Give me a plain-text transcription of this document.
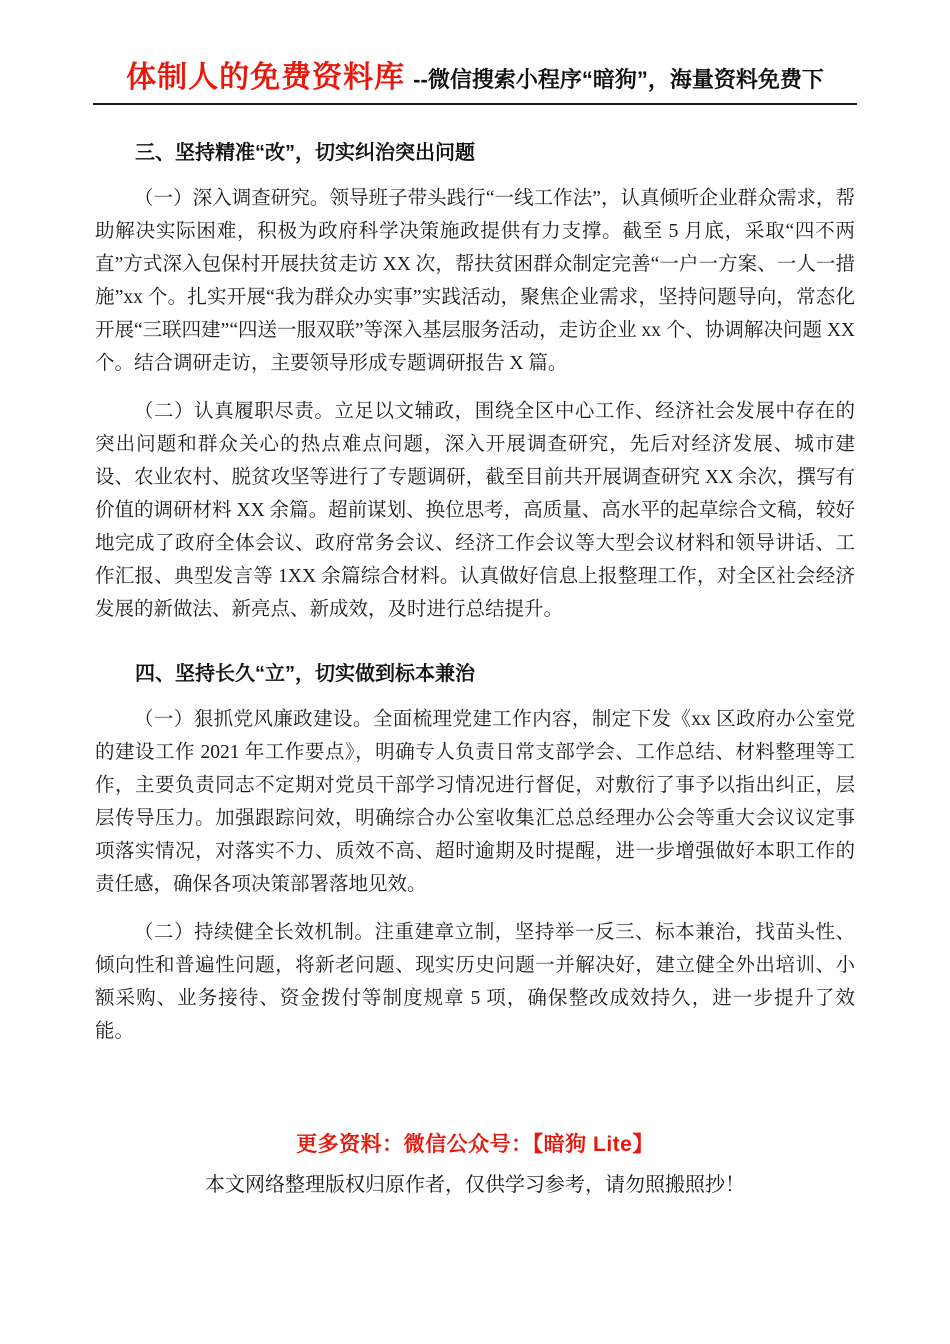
体制人的免费资料库 --微信搜索小程序“暗狗”，海量资料免费下
三、坚持精准“改”，切实纠治突出问题

（一）深入调查研究。领导班子带头践行“一线工作法”，认真倾听企业群众需求，帮助解决实际困难，积极为政府科学决策施政提供有力支撑。截至 5 月底，采取“四不两直”方式深入包保村开展扶贫走访 XX 次，帮扶贫困群众制定完善“一户一方案、一人一措施”xx 个。扎实开展“我为群众办实事”实践活动，聚焦企业需求，坚持问题导向，常态化开展“三联四建”“四送一服双联”等深入基层服务活动，走访企业 xx 个、协调解决问题 XX 个。结合调研走访，主要领导形成专题调研报告 X 篇。

（二）认真履职尽责。立足以文辅政，围绕全区中心工作、经济社会发展中存在的突出问题和群众关心的热点难点问题，深入开展调查研究，先后对经济发展、城市建设、农业农村、脱贫攻坚等进行了专题调研，截至目前共开展调查研究 XX 余次，撰写有价值的调研材料 XX 余篇。超前谋划、换位思考，高质量、高水平的起草综合文稿，较好地完成了政府全体会议、政府常务会议、经济工作会议等大型会议材料和领导讲话、工作汇报、典型发言等 1XX 余篇综合材料。认真做好信息上报整理工作，对全区社会经济发展的新做法、新亮点、新成效，及时进行总结提升。

四、坚持长久“立”，切实做到标本兼治

（一）狠抓党风廉政建设。全面梳理党建工作内容，制定下发《xx 区政府办公室党的建设工作 2021 年工作要点》，明确专人负责日常支部学会、工作总结、材料整理等工作，主要负责同志不定期对党员干部学习情况进行督促，对敷衍了事予以指出纠正，层层传导压力。加强跟踪问效，明确综合办公室收集汇总总经理办公会等重大会议议定事项落实情况，对落实不力、质效不高、超时逾期及时提醒，进一步增强做好本职工作的责任感，确保各项决策部署落地见效。

（二）持续健全长效机制。注重建章立制，坚持举一反三、标本兼治，找苗头性、倾向性和普遍性问题，将新老问题、现实历史问题一并解决好，建立健全外出培训、小额采购、业务接待、资金拨付等制度规章 5 项，确保整改成效持久，进一步提升了效能。

更多资料：微信公众号：【暗狗 Lite】
本文网络整理版权归原作者，仅供学习参考，请勿照搬照抄！
